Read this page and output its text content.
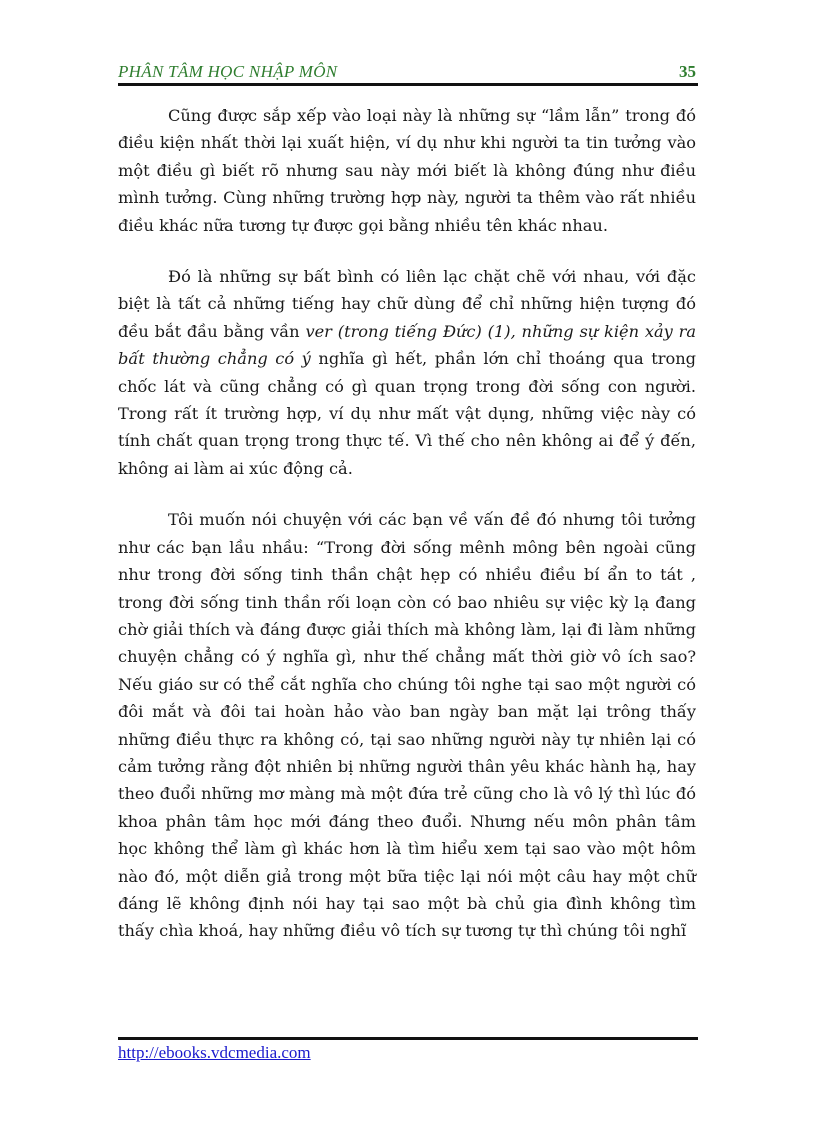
PHÂN TÂM HỌC NHẬP MÔN	35

Cũng được sắp xếp vào loại này là những sự “lầm lẫn” trong đó điều kiện nhất thời lại xuất hiện, ví dụ như khi người ta tin tưởng vào một điều gì biết rõ nhưng sau này mới biết là không đúng như điều mình tưởng. Cùng những trường hợp này, người ta thêm vào rất nhiều điều khác nữa tương tự được gọi bằng nhiều tên khác nhau.

Đó là những sự bất bình có liên lạc chặt chẽ với nhau, với đặc biệt là tất cả những tiếng hay chữ dùng để chỉ những hiện tượng đó đều bắt đầu bằng vần ver (trong tiếng Đức) (1), những sự kiện xảy ra bất thường chẳng có ý nghĩa gì hết, phần lớn chỉ thoáng qua trong chốc lát và cũng chẳng có gì quan trọng trong đời sống con người. Trong rất ít trường hợp, ví dụ như mất vật dụng, những việc này có tính chất quan trọng trong thực tế. Vì thế cho nên không ai để ý đến, không ai làm ai xúc động cả.

Tôi muốn nói chuyện với các bạn về vấn đề đó nhưng tôi tưởng như các bạn lầu nhầu: “Trong đời sống mênh mông bên ngoài cũng như trong đời sống tinh thần chật hẹp có nhiều điều bí ẩn to tát , trong đời sống tinh thần rối loạn còn có bao nhiêu sự việc kỳ lạ đang chờ giải thích và đáng được giải thích mà không làm, lại đi làm những chuyện chẳng có ý nghĩa gì, như thế chẳng mất thời giờ vô ích sao? Nếu giáo sư có thể cắt nghĩa cho chúng tôi nghe tại sao một người có đôi mắt và đôi tai hoàn hảo vào ban ngày ban mặt lại trông thấy những điều thực ra không có, tại sao những người này tự nhiên lại có cảm tưởng rằng đột nhiên bị những người thân yêu khác hành hạ, hay theo đuổi những mơ màng mà một đứa trẻ cũng cho là vô lý thì lúc đó khoa phân tâm học mới đáng theo đuổi. Nhưng nếu môn phân tâm học không thể làm gì khác hơn là tìm hiểu xem tại sao vào một hôm nào đó, một diễn giả trong một bữa tiệc lại nói một câu hay một chữ đáng lẽ không định nói hay tại sao một bà chủ gia đình không tìm thấy chìa khoá, hay những điều vô tích sự tương tự thì chúng tôi nghĩ

http://ebooks.vdcmedia.com
